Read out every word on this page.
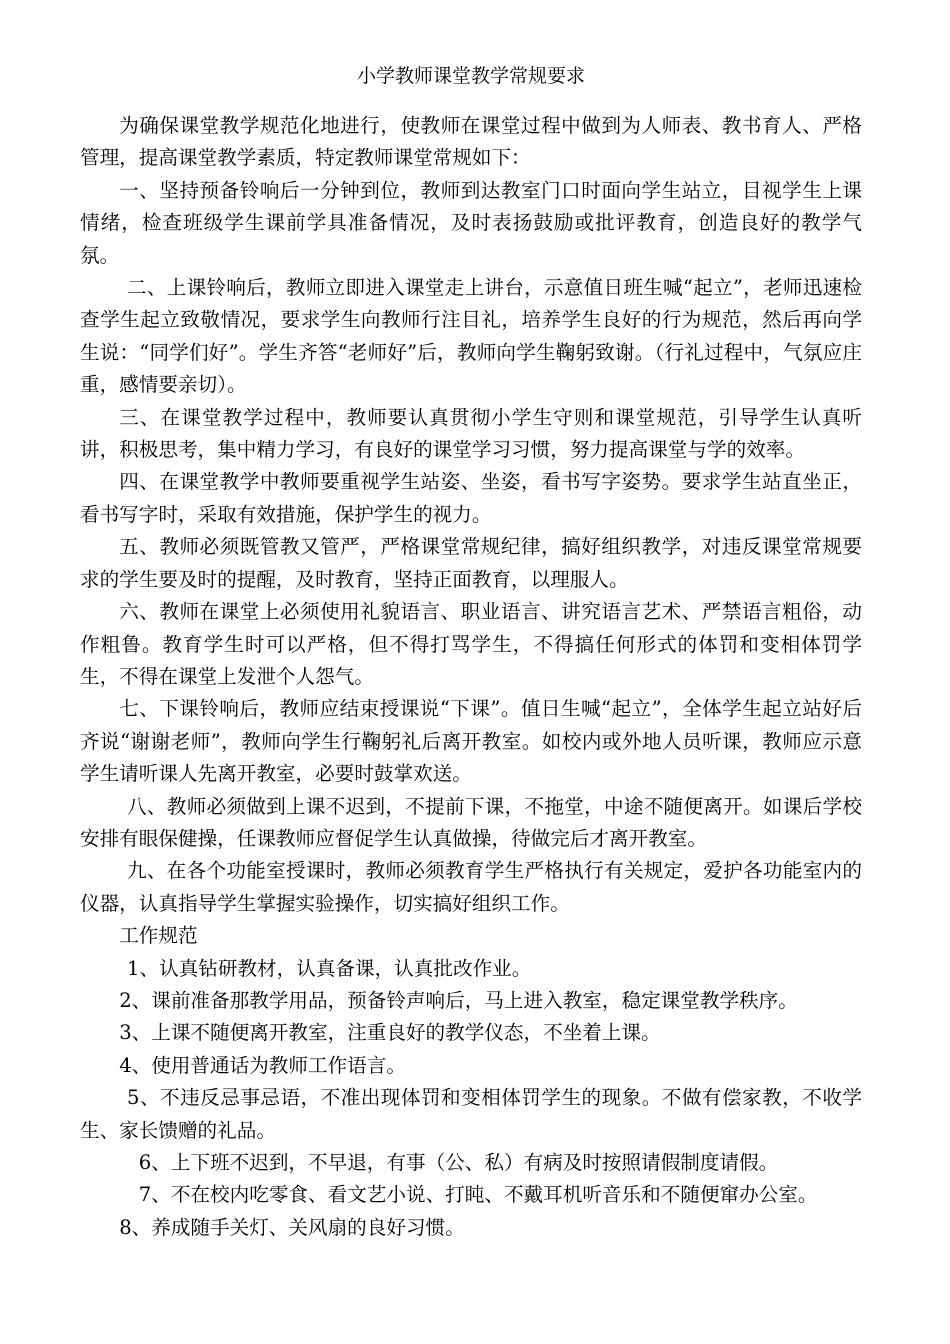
小学教师课堂教学常规要求

为确保课堂教学规范化地进行，使教师在课堂过程中做到为人师表、教书育人、严格管理，提高课堂教学素质，特定教师课堂常规如下：

一、坚持预备铃响后一分钟到位，教师到达教室门口时面向学生站立，目视学生上课情绪，检查班级学生课前学具准备情况，及时表扬鼓励或批评教育，创造良好的教学气氛。

二、上课铃响后，教师立即进入课堂走上讲台，示意值日班生喊“起立”，老师迅速检查学生起立致敬情况，要求学生向教师行注目礼，培养学生良好的行为规范，然后再向学生说：“同学们好”。学生齐答“老师好”后，教师向学生鞠躬致谢。（行礼过程中，气氛应庄重，感情要亲切）。

三、在课堂教学过程中，教师要认真贯彻小学生守则和课堂规范，引导学生认真听讲，积极思考，集中精力学习，有良好的课堂学习习惯，努力提高课堂与学的效率。

四、在课堂教学中教师要重视学生站姿、坐姿，看书写字姿势。要求学生站直坐正，看书写字时，采取有效措施，保护学生的视力。

五、教师必须既管教又管严，严格课堂常规纪律，搞好组织教学，对违反课堂常规要求的学生要及时的提醒，及时教育，坚持正面教育，以理服人。

六、教师在课堂上必须使用礼貌语言、职业语言、讲究语言艺术、严禁语言粗俗，动作粗鲁。教育学生时可以严格，但不得打骂学生，不得搞任何形式的体罚和变相体罚学生，不得在课堂上发泄个人怨气。

七、下课铃响后，教师应结束授课说“下课”。值日生喊“起立”，全体学生起立站好后齐说“谢谢老师”，教师向学生行鞠躬礼后离开教室。如校内或外地人员听课，教师应示意学生请听课人先离开教室，必要时鼓掌欢送。

八、教师必须做到上课不迟到，不提前下课，不拖堂，中途不随便离开。如课后学校安排有眼保健操，任课教师应督促学生认真做操，待做完后才离开教室。

九、在各个功能室授课时，教师必须教育学生严格执行有关规定，爱护各功能室内的仪器，认真指导学生掌握实验操作，切实搞好组织工作。

工作规范

1、认真钻研教材，认真备课，认真批改作业。

2、课前准备那教学用品，预备铃声响后，马上进入教室，稳定课堂教学秩序。

3、上课不随便离开教室，注重良好的教学仪态，不坐着上课。

4、使用普通话为教师工作语言。

5、不违反忌事忌语，不准出现体罚和变相体罚学生的现象。不做有偿家教，不收学生、家长馈赠的礼品。

6、上下班不迟到，不早退，有事（公、私）有病及时按照请假制度请假。

7、不在校内吃零食、看文艺小说、打盹、不戴耳机听音乐和不随便窜办公室。

8、养成随手关灯、关风扇的良好习惯。
